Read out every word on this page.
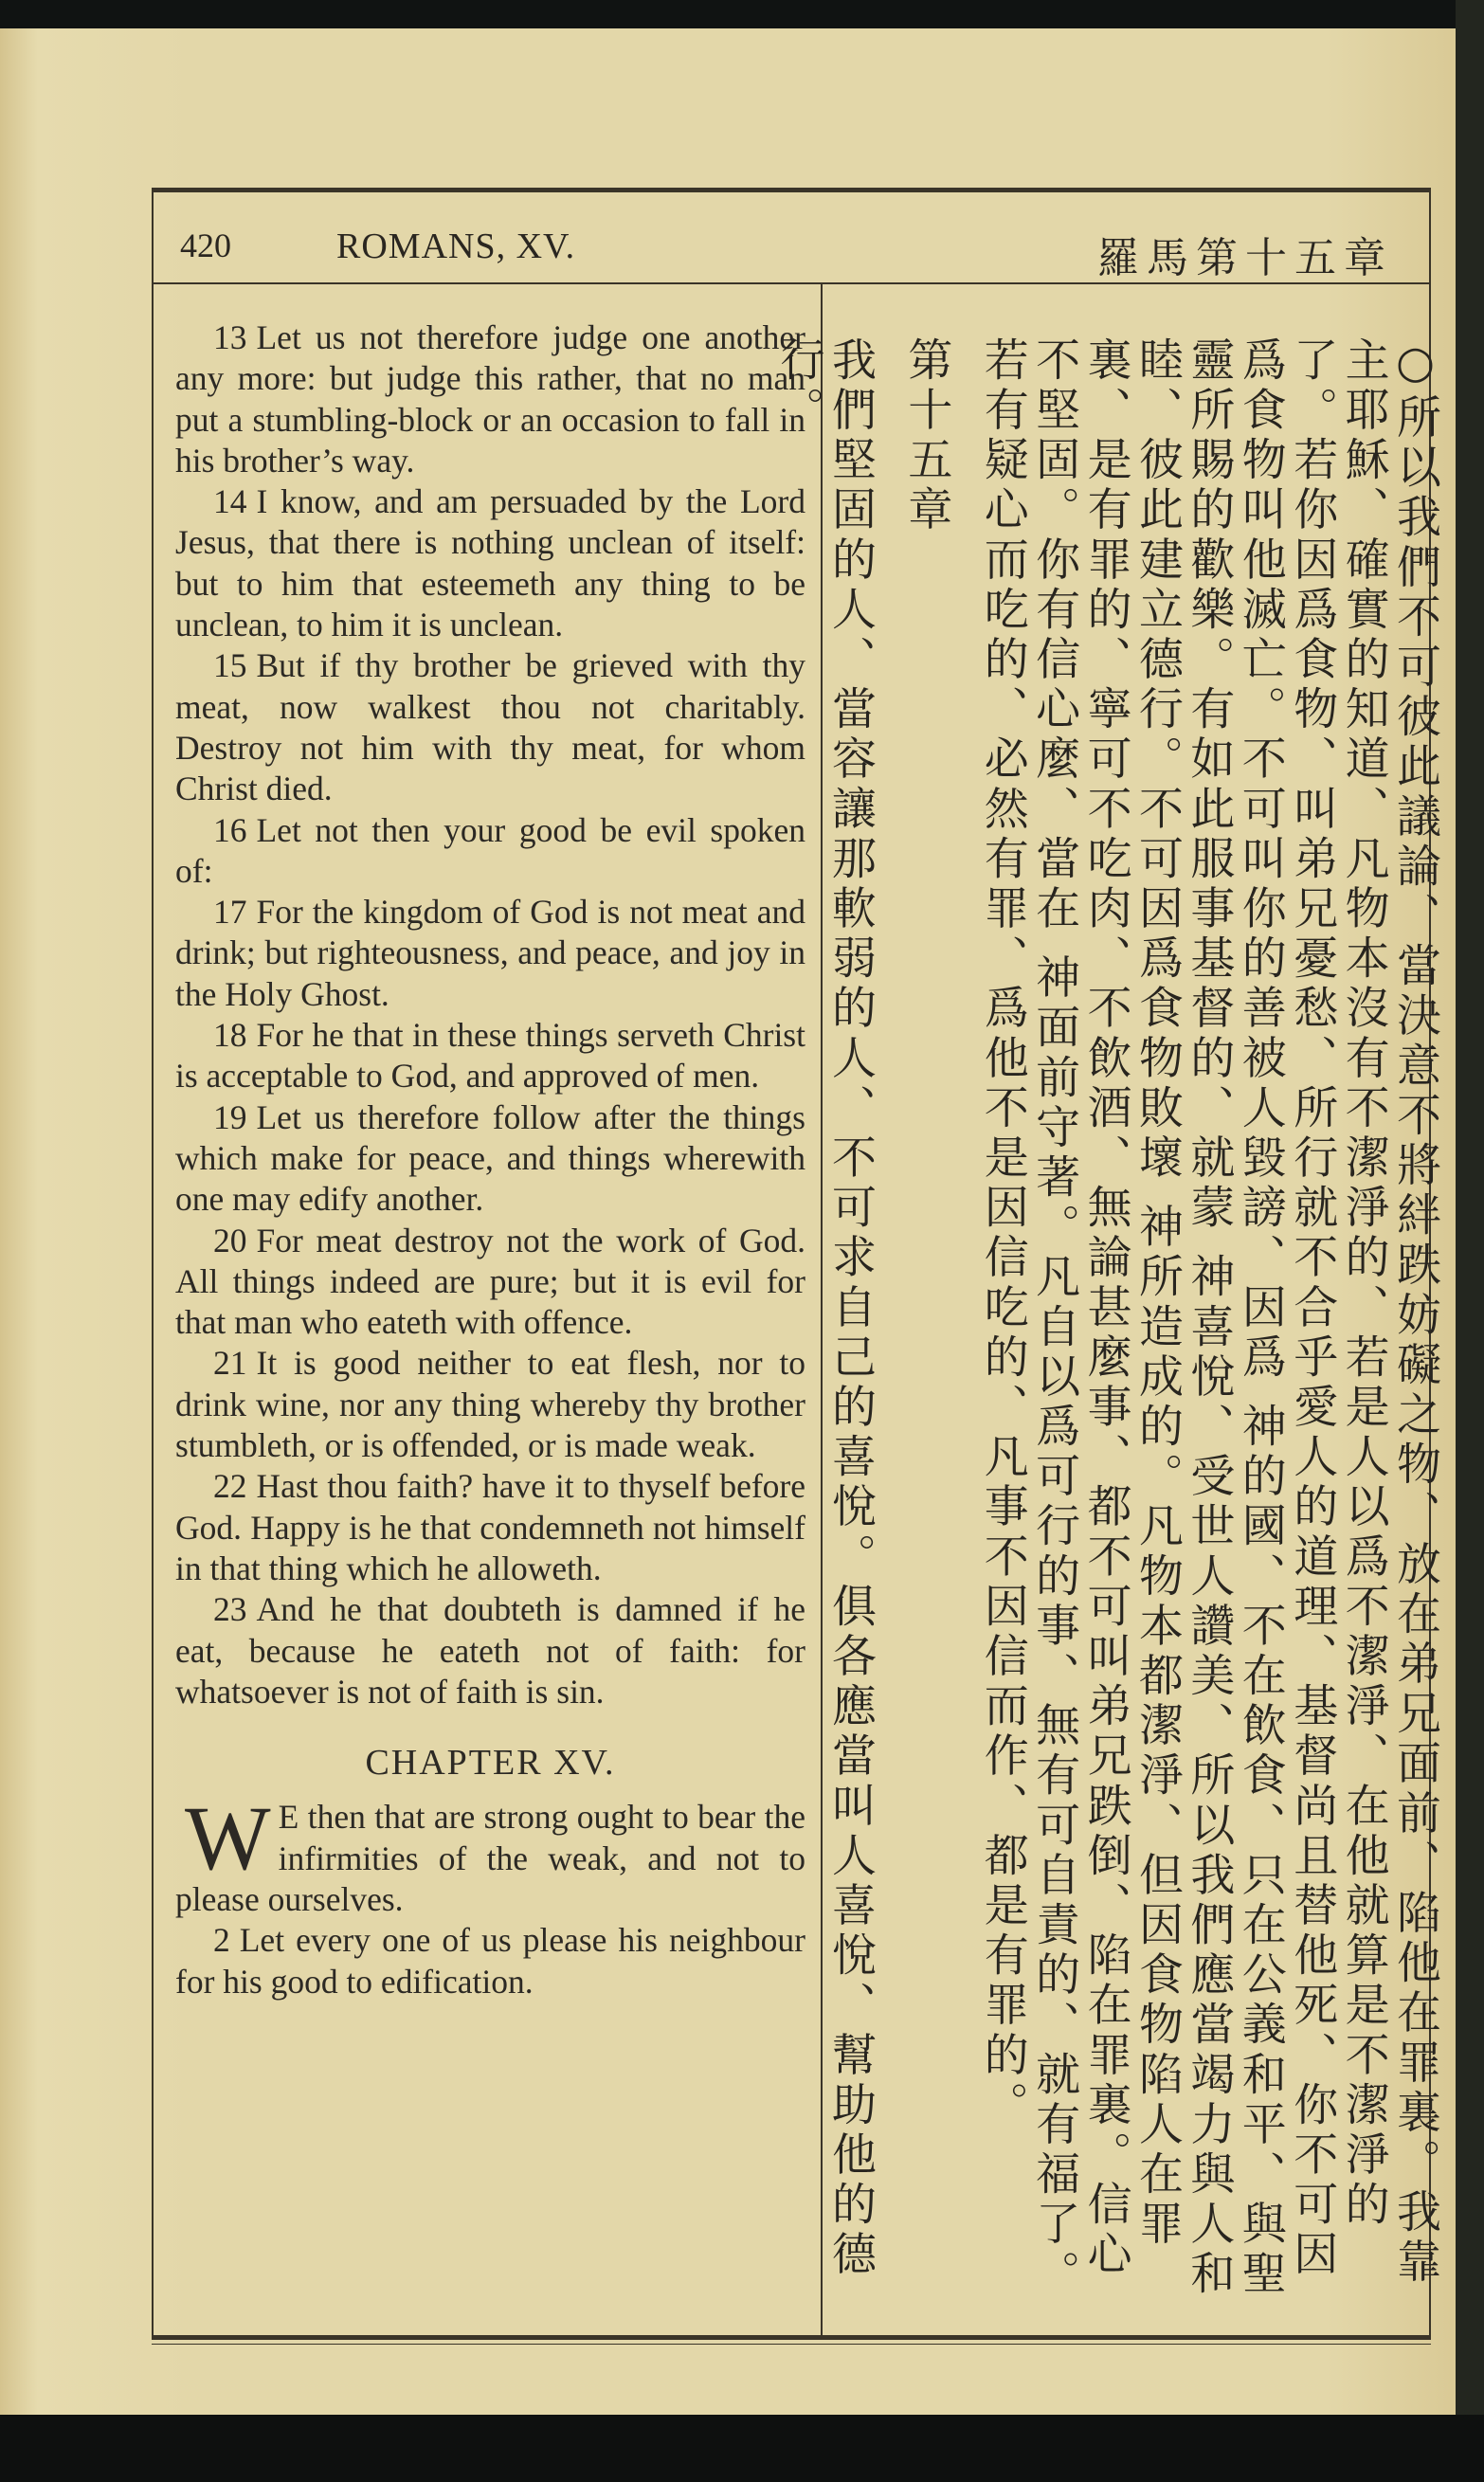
420	ROMANS, XV.	羅馬第十五章

13 Let us not therefore judge one another any more: but judge this rather, that no man put a stumbling-block or an occasion to fall in his brother’s way.

14 I know, and am persuaded by the Lord Jesus, that there is nothing unclean of itself: but to him that esteemeth any thing to be unclean, to him it is unclean.

15 But if thy brother be grieved with thy meat, now walkest thou not charitably. Destroy not him with thy meat, for whom Christ died.

16 Let not then your good be evil spoken of:

17 For the kingdom of God is not meat and drink; but righteousness, and peace, and joy in the Holy Ghost.

18 For he that in these things serveth Christ is acceptable to God, and approved of men.

19 Let us therefore follow after the things which make for peace, and things wherewith one may edify another.

20 For meat destroy not the work of God. All things indeed are pure; but it is evil for that man who eateth with offence.

21 It is good neither to eat flesh, nor to drink wine, nor any thing whereby thy brother stumbleth, or is offended, or is made weak.

22 Hast thou faith? have it to thyself before God. Happy is he that condemneth not himself in that thing which he alloweth.

23 And he that doubteth is damned if he eat, because he eateth not of faith: for whatsoever is not of faith is sin.

CHAPTER XV.

W E then that are strong ought to bear the infirmities of the weak, and not to please ourselves.

2 Let every one of us please his neighbour for his good to edification.	○所以我們不可彼此議論、當決意不將絆跌妨礙之物、放在弟兄面前、陷他在罪裏。我靠主耶穌、確實的知道、凡物本沒有不潔淨的、若是人以爲不潔淨、在他就算是不潔淨的了。若你因爲食物、叫弟兄憂愁、所行就不合乎愛人的道理、基督尚且替他死、你不可因爲食物叫他滅亡。不可叫你的善被人毀謗、因爲 神的國、不在飲食、只在公義和平、與聖靈所賜的歡樂。有如此服事基督的、就蒙 神喜悅、受世人讚美、所以我們應當竭力與人和睦、彼此建立德行。不可因爲食物敗壞 神所造成的。凡物本都潔淨、但因食物陷人在罪裏、是有罪的、寧可不吃肉、不飲酒、無論甚麼事、都不可叫弟兄跌倒、陷在罪裏。信心不堅固。你有信心麼、當在 神面前守著。凡自以爲可行的事、無有可自責的、就有福了。若有疑心而吃的、必然有罪、爲他不是因信吃的、凡事不因信而作、都是有罪的。

第十五章

我們堅固的人、當容讓那軟弱的人、不可求自己的喜悅。俱各應當叫人喜悅、幫助他的德行。
